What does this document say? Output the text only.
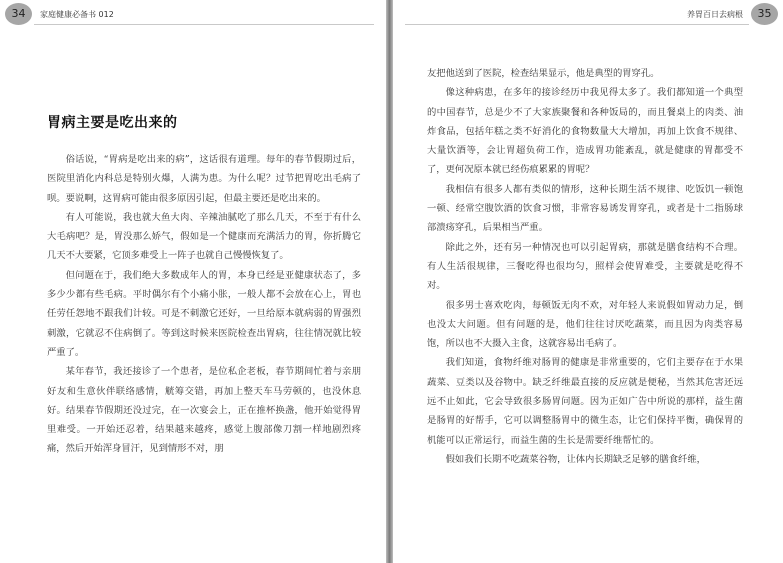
34	家庭健康必备书 012
胃病主要是吃出来的

俗话说，“胃病是吃出来的病”，这话很有道理。每年的春节假期过后，医院里消化内科总是特别火爆，人满为患。为什么呢？过节把胃吃出毛病了呗。要说啊，这胃病可能由很多原因引起，但最主要还是吃出来的。

有人可能说，我也就大鱼大肉、辛辣油腻吃了那么几天，不至于有什么大毛病吧？是，胃没那么娇气，假如是一个健康而充满活力的胃，你折腾它几天不大要紧，它顶多难受上一阵子也就自己慢慢恢复了。

但问题在于，我们绝大多数成年人的胃，本身已经是亚健康状态了，多多少少都有些毛病。平时偶尔有个小痛小胀，一般人都不会放在心上，胃也任劳任怨地不跟我们计较。可是不刺激它还好，一旦给原本就病弱的胃强烈刺激，它就忍不住病倒了。等到这时候来医院检查出胃病，往往情况就比较严重了。

某年春节，我还接诊了一个患者，是位私企老板，春节期间忙着与亲朋好友和生意伙伴联络感情，觥筹交错，再加上整天车马劳顿的，也没休息好。结果春节假期还没过完，在一次宴会上，正在推杯换盏，他开始觉得胃里难受。一开始还忍着，结果越来越疼，感觉上腹部像刀割一样地剧烈疼痛，然后开始浑身冒汗，见到情形不对，朋

35
养胃百日去病根

友把他送到了医院，检查结果显示，他是典型的胃穿孔。

像这种病患，在多年的接诊经历中我见得太多了。我们都知道一个典型的中国春节，总是少不了大家族聚餐和各种饭局的，而且餐桌上的肉类、油炸食品，包括年糕之类不好消化的食物数量大大增加，再加上饮食不规律、大量饮酒等，会让胃超负荷工作，造成胃功能紊乱，就是健康的胃都受不了，更何况原本就已经伤痕累累的胃呢？

我相信有很多人都有类似的情形，这种长期生活不规律、吃饭饥一顿饱一顿、经常空腹饮酒的饮食习惯，非常容易诱发胃穿孔，或者是十二指肠球部溃疡穿孔，后果相当严重。

除此之外，还有另一种情况也可以引起胃病，那就是膳食结构不合理。有人生活很规律，三餐吃得也很均匀，照样会使胃难受，主要就是吃得不对。

很多男士喜欢吃肉，每顿饭无肉不欢，对年轻人来说假如胃动力足，倒也没太大问题。但有问题的是，他们往往讨厌吃蔬菜，而且因为肉类容易饱，所以也不大摄入主食，这就容易出毛病了。

我们知道，食物纤维对肠胃的健康是非常重要的，它们主要存在于水果蔬菜、豆类以及谷物中。缺乏纤维最直接的反应就是便秘，当然其危害还远远不止如此，它会导致很多肠胃问题。因为正如广告中所说的那样，益生菌是肠胃的好帮手，它可以调整肠胃中的微生态，让它们保持平衡，确保胃的机能可以正常运行，而益生菌的生长是需要纤维帮忙的。

假如我们长期不吃蔬菜谷物，让体内长期缺乏足够的膳食纤维，
